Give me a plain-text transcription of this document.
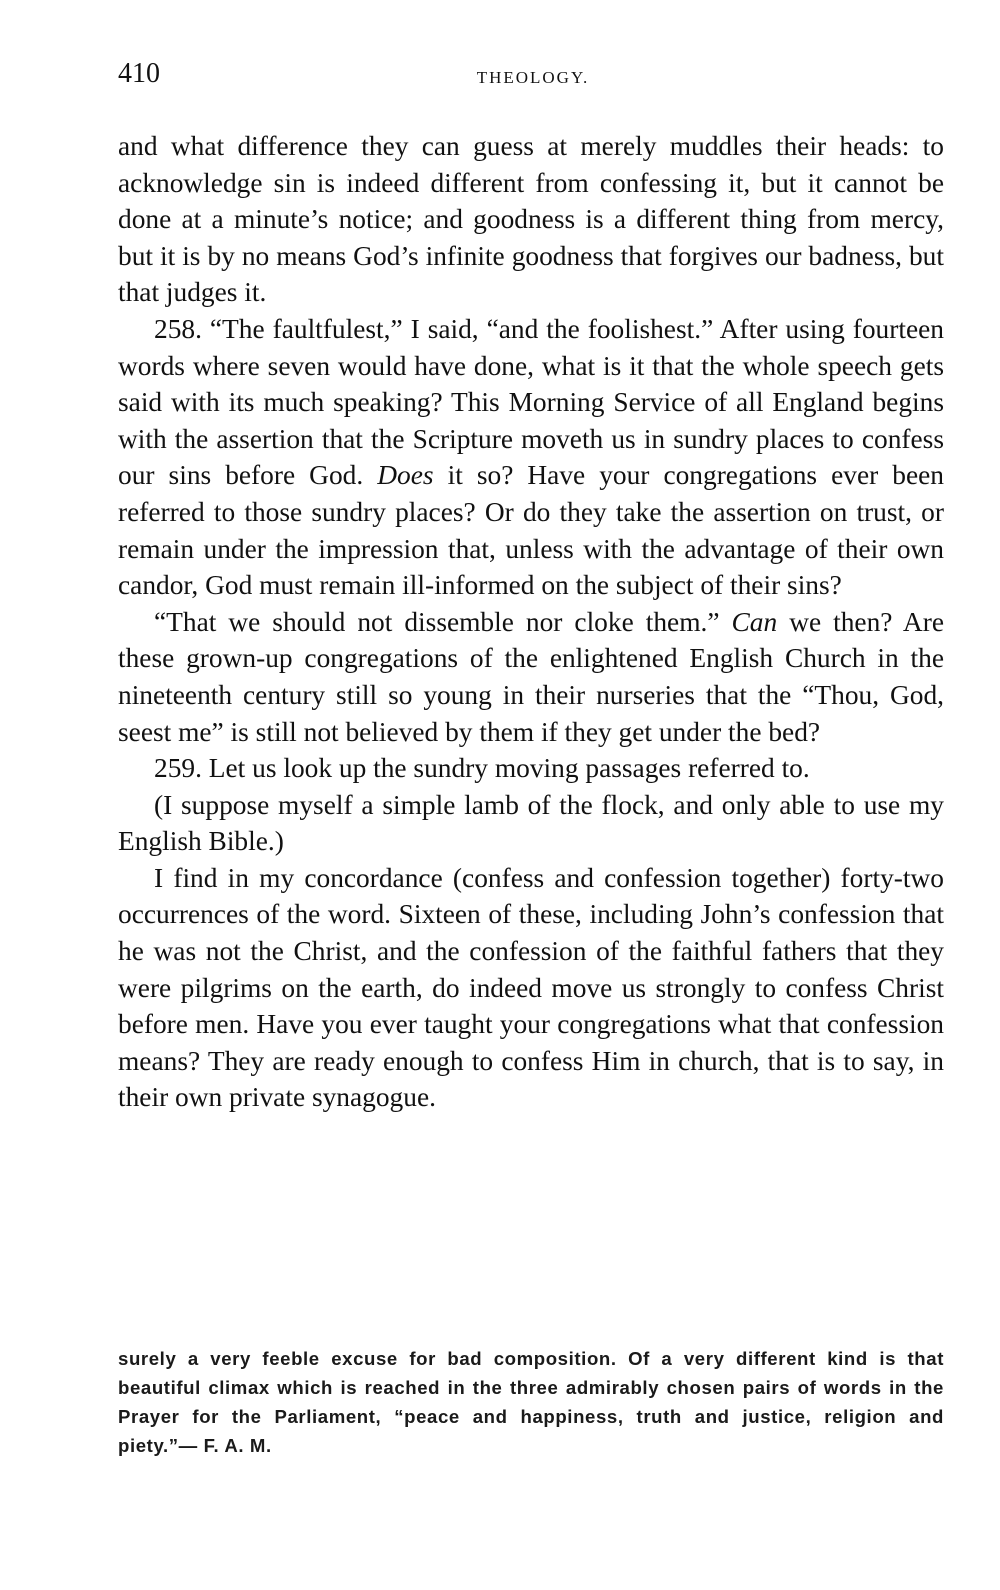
410	THEOLOGY.

and what difference they can guess at merely muddles their heads: to acknowledge sin is indeed different from confessing it, but it cannot be done at a minute’s notice; and goodness is a different thing from mercy, but it is by no means God’s infinite goodness that forgives our badness, but that judges it.

258. “The faultfulest,” I said, “and the foolishest.” After using fourteen words where seven would have done, what is it that the whole speech gets said with its much speaking? This Morning Service of all England begins with the assertion that the Scripture moveth us in sundry places to confess our sins before God. Does it so? Have your congregations ever been referred to those sundry places? Or do they take the assertion on trust, or remain under the impression that, unless with the advantage of their own candor, God must remain ill-informed on the subject of their sins?

“That we should not dissemble nor cloke them.” Can we then? Are these grown-up congregations of the enlightened English Church in the nineteenth century still so young in their nurseries that the “Thou, God, seest me” is still not believed by them if they get under the bed?

259. Let us look up the sundry moving passages referred to.

(I suppose myself a simple lamb of the flock, and only able to use my English Bible.)

I find in my concordance (confess and confession together) forty-two occurrences of the word. Sixteen of these, including John’s confession that he was not the Christ, and the confession of the faithful fathers that they were pilgrims on the earth, do indeed move us strongly to confess Christ before men. Have you ever taught your congregations what that confession means? They are ready enough to confess Him in church, that is to say, in their own private synagogue.

surely a very feeble excuse for bad composition. Of a very different kind is that beautiful climax which is reached in the three admirably chosen pairs of words in the Prayer for the Parliament, “peace and happiness, truth and justice, religion and piety.”— F. A. M.
